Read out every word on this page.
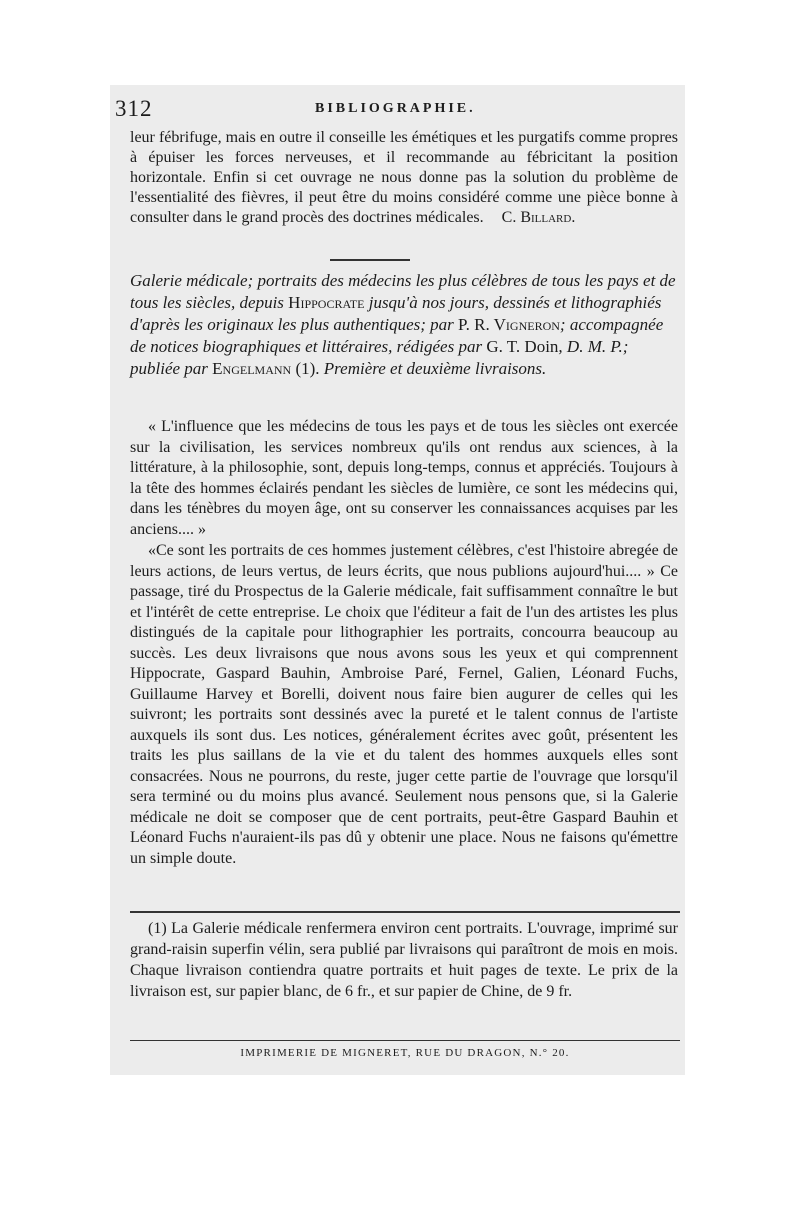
312	BIBLIOGRAPHIE.
leur fébrifuge, mais en outre il conseille les émétiques et les purgatifs comme propres à épuiser les forces nerveuses, et il recommande au fébricitant la position horizontale. Enfin si cet ouvrage ne nous donne pas la solution du problème de l'essentialité des fièvres, il peut être du moins considéré comme une pièce bonne à consulter dans le grand procès des doctrines médicales. C. Billard.
Galerie médicale; portraits des médecins les plus célèbres de tous les pays et de tous les siècles, depuis Hippocrate jusqu'à nos jours, dessinés et lithographiés d'après les originaux les plus authentiques; par P. R. Vigneron; accompagnée de notices biographiques et littéraires, rédigées par G. T. Doin, D. M. P.; publiée par Engelmann (1). Première et deuxième livraisons.
« L'influence que les médecins de tous les pays et de tous les siècles ont exercée sur la civilisation, les services nombreux qu'ils ont rendus aux sciences, à la littérature, à la philosophie, sont, depuis long-temps, connus et appréciés. Toujours à la tête des hommes éclairés pendant les siècles de lumière, ce sont les médecins qui, dans les ténèbres du moyen âge, ont su conserver les connaissances acquises par les anciens.... »
«Ce sont les portraits de ces hommes justement célèbres, c'est l'histoire abregée de leurs actions, de leurs vertus, de leurs écrits, que nous publions aujourd'hui.... » Ce passage, tiré du Prospectus de la Galerie médicale, fait suffisamment connaître le but et l'intérêt de cette entreprise. Le choix que l'éditeur a fait de l'un des artistes les plus distingués de la capitale pour lithographier les portraits, concourra beaucoup au succès. Les deux livraisons que nous avons sous les yeux et qui comprennent Hippocrate, Gaspard Bauhin, Ambroise Paré, Fernel, Galien, Léonard Fuchs, Guillaume Harvey et Borelli, doivent nous faire bien augurer de celles qui les suivront; les portraits sont dessinés avec la pureté et le talent connus de l'artiste auxquels ils sont dus. Les notices, généralement écrites avec goût, présentent les traits les plus saillans de la vie et du talent des hommes auxquels elles sont consacrées. Nous ne pourrons, du reste, juger cette partie de l'ouvrage que lorsqu'il sera terminé ou du moins plus avancé. Seulement nous pensons que, si la Galerie médicale ne doit se composer que de cent portraits, peut-être Gaspard Bauhin et Léonard Fuchs n'auraient-ils pas dû y obtenir une place. Nous ne faisons qu'émettre un simple doute.
(1) La Galerie médicale renfermera environ cent portraits. L'ouvrage, imprimé sur grand-raisin superfin vélin, sera publié par livraisons qui paraîtront de mois en mois. Chaque livraison contiendra quatre portraits et huit pages de texte. Le prix de la livraison est, sur papier blanc, de 6 fr., et sur papier de Chine, de 9 fr.
IMPRIMERIE DE MIGNERET, RUE DU DRAGON, N.° 20.
